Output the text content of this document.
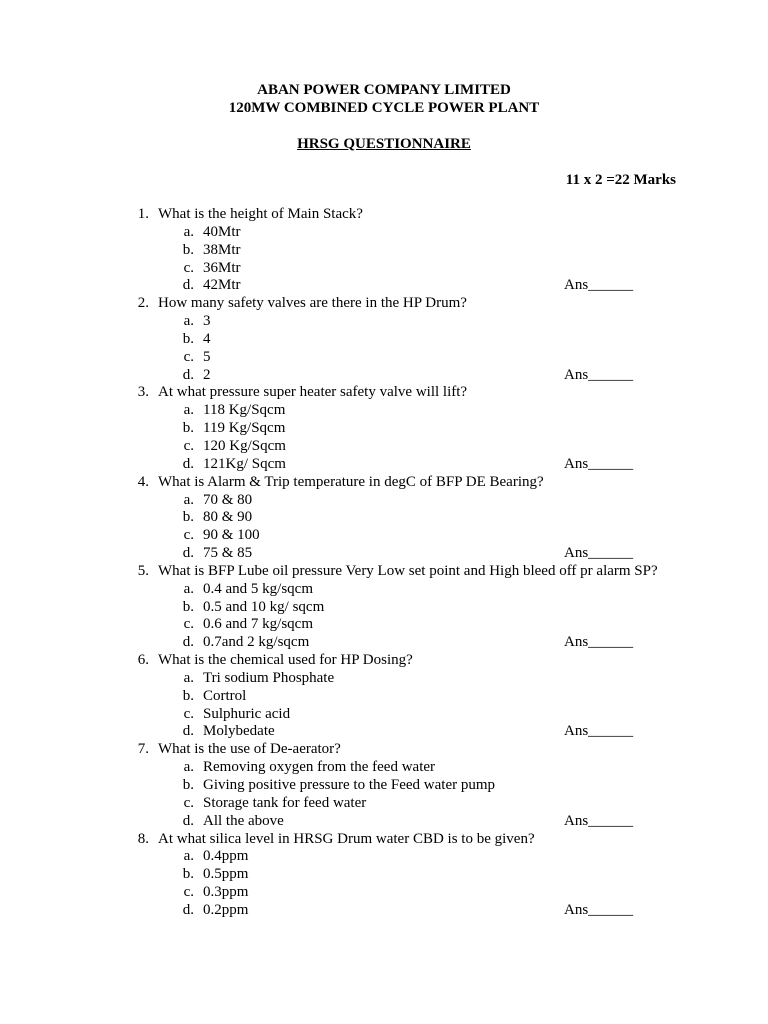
ABAN POWER COMPANY LIMITED
120MW COMBINED CYCLE POWER PLANT
HRSG QUESTIONNAIRE
11 x 2 =22 Marks
1. What is the height of Main Stack?
a. 40Mtr
b. 38Mtr
c. 36Mtr
d. 42Mtr	Ans______
2. How many safety valves are there in the HP Drum?
a. 3
b. 4
c. 5
d. 2	Ans______
3. At what pressure super heater safety valve will lift?
a. 118 Kg/Sqcm
b. 119 Kg/Sqcm
c. 120 Kg/Sqcm
d. 121Kg/ Sqcm	Ans______
4. What is Alarm & Trip temperature in degC of BFP DE Bearing?
a. 70 & 80
b. 80 & 90
c. 90 & 100
d. 75 & 85	Ans______
5. What is BFP Lube oil pressure Very Low set point and High bleed off pr alarm SP?
a. 0.4 and 5 kg/sqcm
b. 0.5 and 10 kg/ sqcm
c. 0.6 and 7 kg/sqcm
d. 0.7and 2 kg/sqcm	Ans______
6. What is the chemical used for HP Dosing?
a. Tri sodium Phosphate
b. Cortrol
c. Sulphuric acid
d. Molybedate	Ans______
7. What is the use of De-aerator?
a. Removing oxygen from the feed water
b. Giving positive pressure to the Feed water pump
c. Storage tank for feed water
d. All the above	Ans______
8. At what silica level in HRSG Drum water CBD is to be given?
a. 0.4ppm
b. 0.5ppm
c. 0.3ppm
d. 0.2ppm	Ans______
